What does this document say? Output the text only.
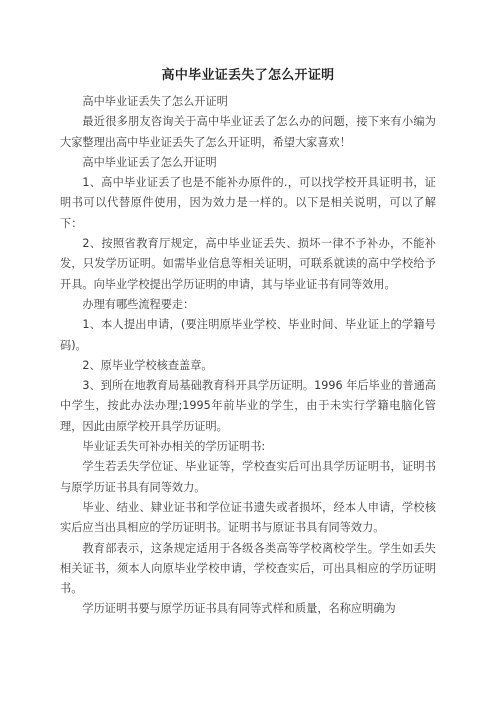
高中毕业证丢失了怎么开证明

高中毕业证丢失了怎么开证明

最近很多朋友咨询关于高中毕业证丢了怎么办的问题，接下来有小编为大家整理出高中毕业证丢失了怎么开证明，希望大家喜欢！

高中毕业证丢了怎么开证明

1、高中毕业证丢了也是不能补办原件的.，可以找学校开具证明书，证明书可以代替原件使用，因为效力是一样的。以下是相关说明，可以了解下：

2、按照省教育厅规定，高中毕业证丢失、损坏一律不予补办，不能补发，只发学历证明。如需毕业信息等相关证明，可联系就读的高中学校给予开具。向毕业学校提出学历证明的申请，其与毕业证书有同等效用。

办理有哪些流程要走：

1、本人提出申请，(要注明原毕业学校、毕业时间、毕业证上的学籍号码)。

2、原毕业学校核查盖章。

3、到所在地教育局基础教育科开具学历证明。1996 年后毕业的普通高中学生，按此办法办理;1995年前毕业的学生，由于未实行学籍电脑化管理，因此由原学校开具学历证明。

毕业证丢失可补办相关的学历证明书:

学生若丢失学位证、毕业证等，学校查实后可出具学历证明书，证明书与原学历证书具有同等效力。

毕业、结业、肄业证书和学位证书遗失或者损坏，经本人申请，学校核实后应当出具相应的学历证明书。证明书与原证书具有同等效力。

教育部表示，这条规定适用于各级各类高等学校离校学生。学生如丢失相关证书，须本人向原毕业学校申请，学校查实后，可出具相应的学历证明书。

学历证明书要与原学历证书具有同等式样和质量，名称应明确为
